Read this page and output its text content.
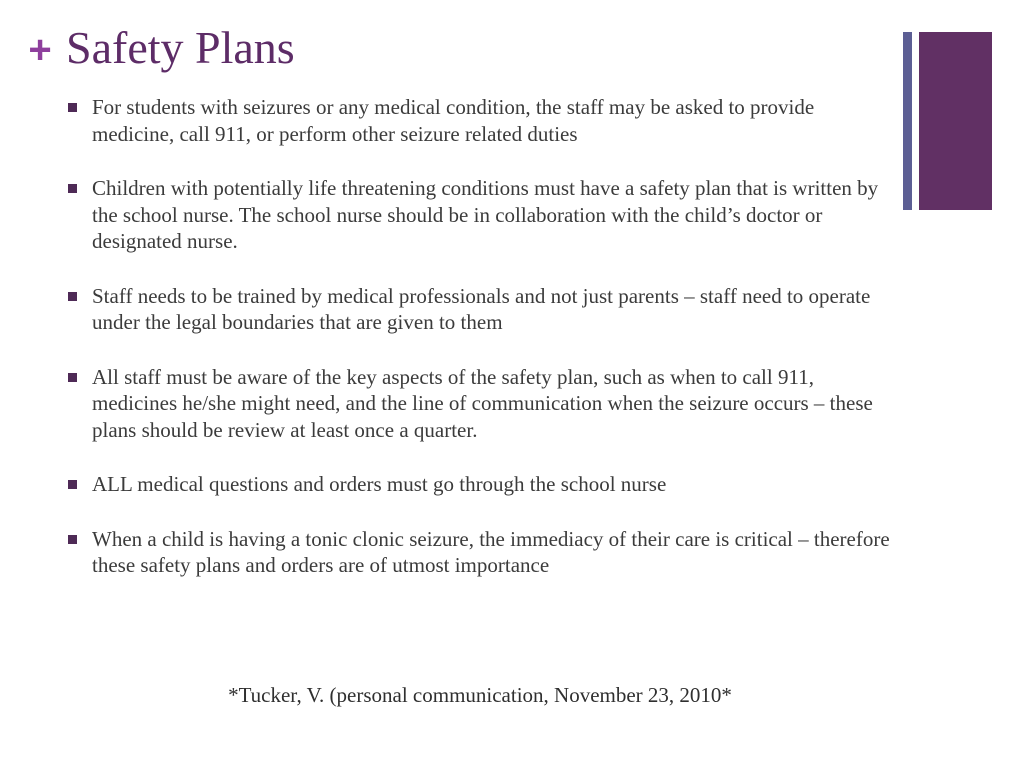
+ Safety Plans
For students with seizures or any medical condition, the staff may be asked to provide medicine, call 911, or perform other seizure related duties
Children with potentially life threatening conditions must have a safety plan that is written by the school nurse. The school nurse should be in collaboration with the child’s doctor or designated nurse.
Staff needs to be trained by medical professionals and not just parents – staff need to operate under the legal boundaries that are given to them
All staff must be aware of the key aspects of the safety plan, such as when to call 911, medicines he/she might need, and the line of communication when the seizure occurs – these plans should be review at least once a quarter.
ALL medical questions and orders must go through the school nurse
When a child is having a tonic clonic seizure, the immediacy of their care is critical – therefore these safety plans and orders are of utmost importance

*Tucker, V. (personal communication, November 23, 2010*
